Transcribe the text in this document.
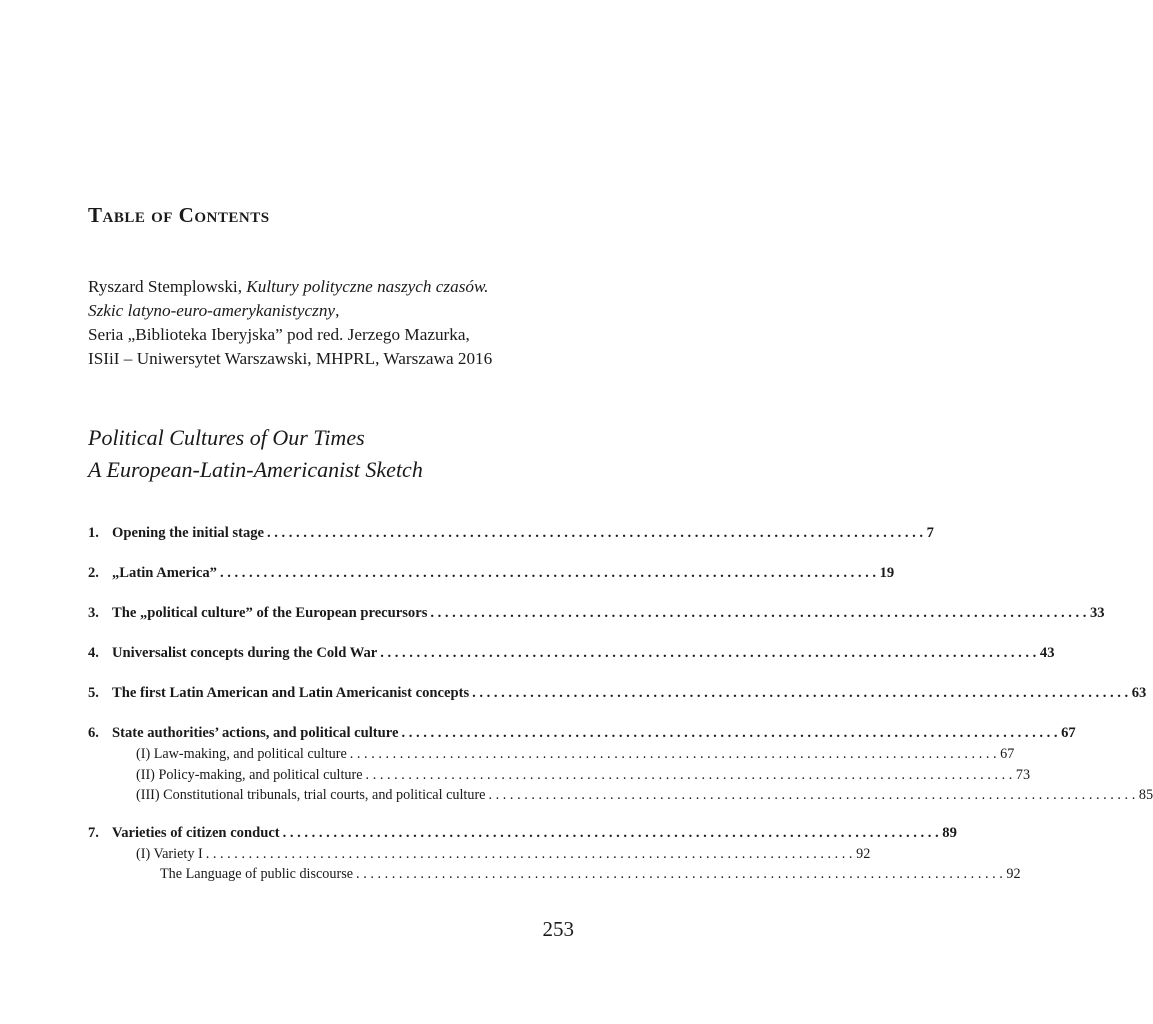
Table of Contents
Ryszard Stemplowski, Kultury polityczne naszych czasów.
Szkic latyno-euro-amerykanistyczny,
Seria „Biblioteka Iberyjska” pod red. Jerzego Mazurka,
ISIiI – Uniwersytet Warszawski, MHPRL, Warszawa 2016
Political Cultures of Our Times
A European-Latin-Americanist Sketch
1. Opening the initial stage ........................................................................................... 7
2. „Latin America” ........................................................................................... 19
3. The „political culture” of the European precursors ........................................................................................... 33
4. Universalist concepts during the Cold War ........................................................................................... 43
5. The first Latin American and Latin Americanist concepts ........................................................................................... 63
6. State authorities’ actions, and political culture ........................................................................................... 67
(I) Law-making, and political culture ........................................................................................... 67
(II) Policy-making, and political culture ........................................................................................... 73
(III) Constitutional tribunals, trial courts, and political culture ........................................................................................... 85
7. Varieties of citizen conduct ........................................................................................... 89
(I) Variety I ........................................................................................... 92
The Language of public discourse ........................................................................................... 92
253
